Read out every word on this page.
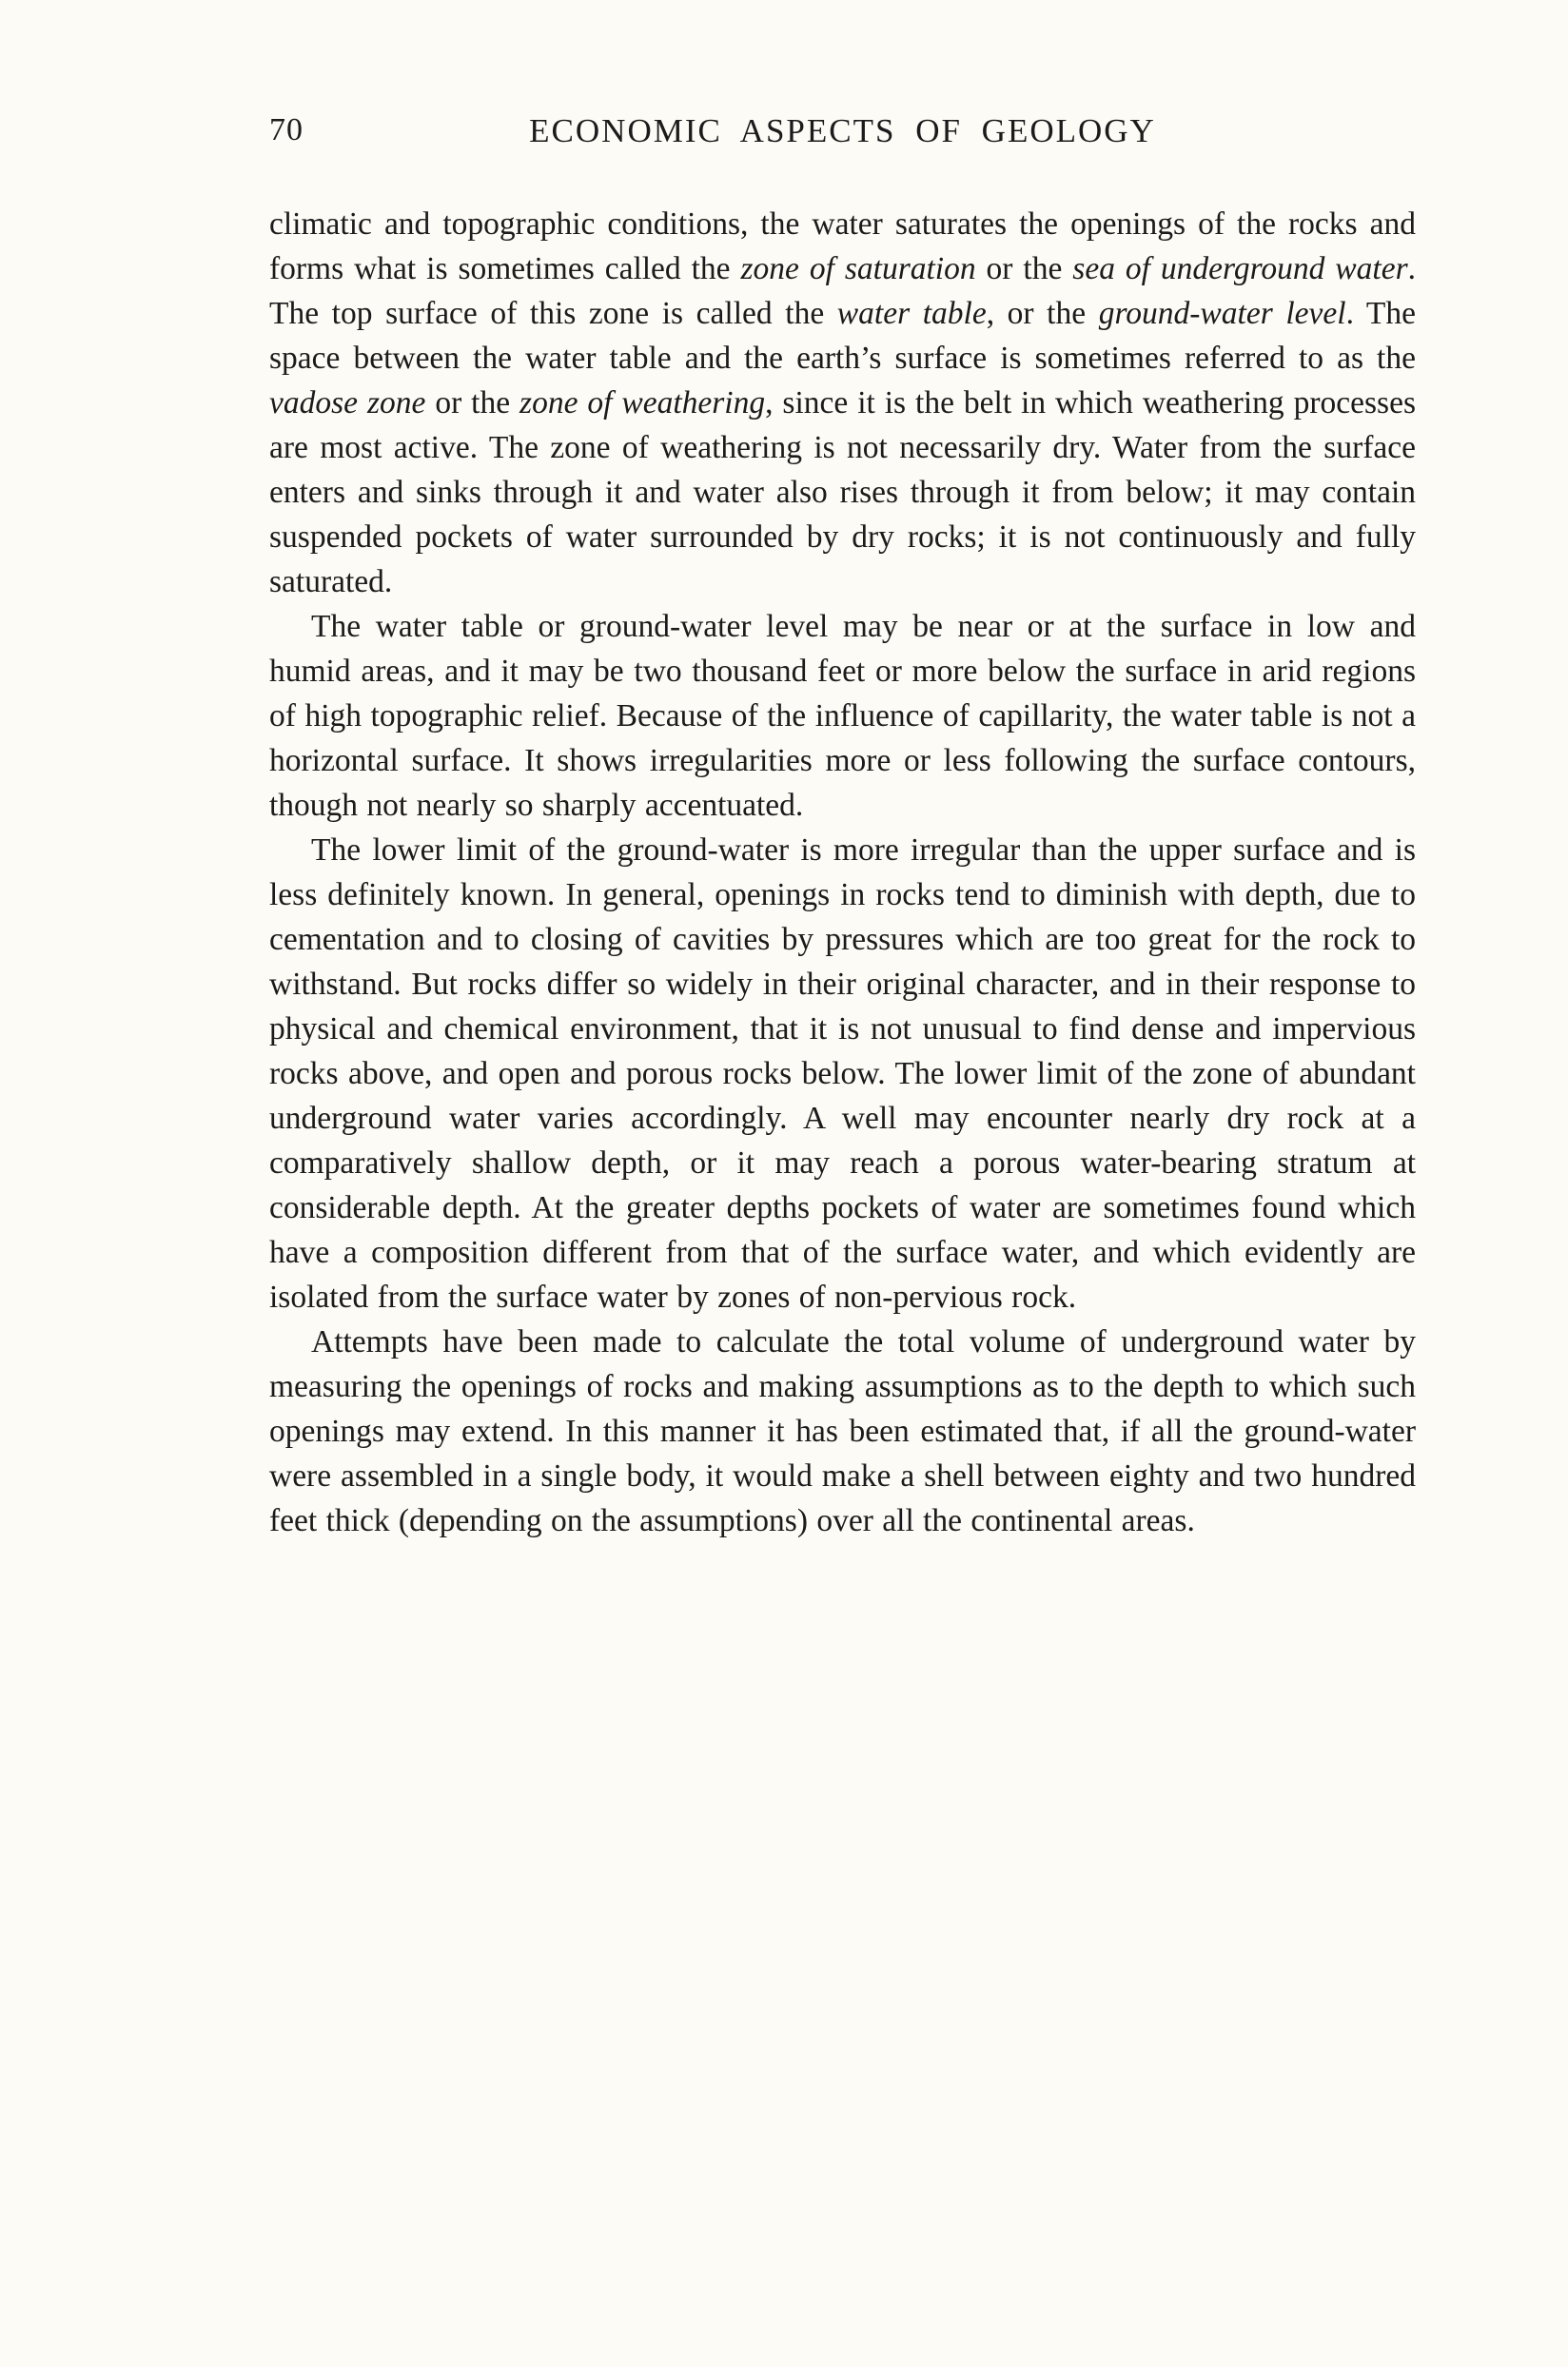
70	ECONOMIC ASPECTS OF GEOLOGY

climatic and topographic conditions, the water saturates the openings of the rocks and forms what is sometimes called the zone of saturation or the sea of underground water. The top surface of this zone is called the water table, or the ground-water level. The space between the water table and the earth’s surface is sometimes referred to as the vadose zone or the zone of weathering, since it is the belt in which weathering processes are most active. The zone of weathering is not necessarily dry. Water from the surface enters and sinks through it and water also rises through it from below; it may contain suspended pockets of water surrounded by dry rocks; it is not continuously and fully saturated.

The water table or ground-water level may be near or at the surface in low and humid areas, and it may be two thousand feet or more below the surface in arid regions of high topographic relief. Because of the influence of capillarity, the water table is not a horizontal surface. It shows irregularities more or less following the surface contours, though not nearly so sharply accentuated.

The lower limit of the ground-water is more irregular than the upper surface and is less definitely known. In general, openings in rocks tend to diminish with depth, due to cementation and to closing of cavities by pressures which are too great for the rock to withstand. But rocks differ so widely in their original character, and in their response to physical and chemical environment, that it is not unusual to find dense and impervious rocks above, and open and porous rocks below. The lower limit of the zone of abundant underground water varies accordingly. A well may encounter nearly dry rock at a comparatively shallow depth, or it may reach a porous water-bearing stratum at considerable depth. At the greater depths pockets of water are sometimes found which have a composition different from that of the surface water, and which evidently are isolated from the surface water by zones of non-pervious rock.

Attempts have been made to calculate the total volume of underground water by measuring the openings of rocks and making assumptions as to the depth to which such openings may extend. In this manner it has been estimated that, if all the ground-water were assembled in a single body, it would make a shell between eighty and two hundred feet thick (depending on the assumptions) over all the continental areas.
